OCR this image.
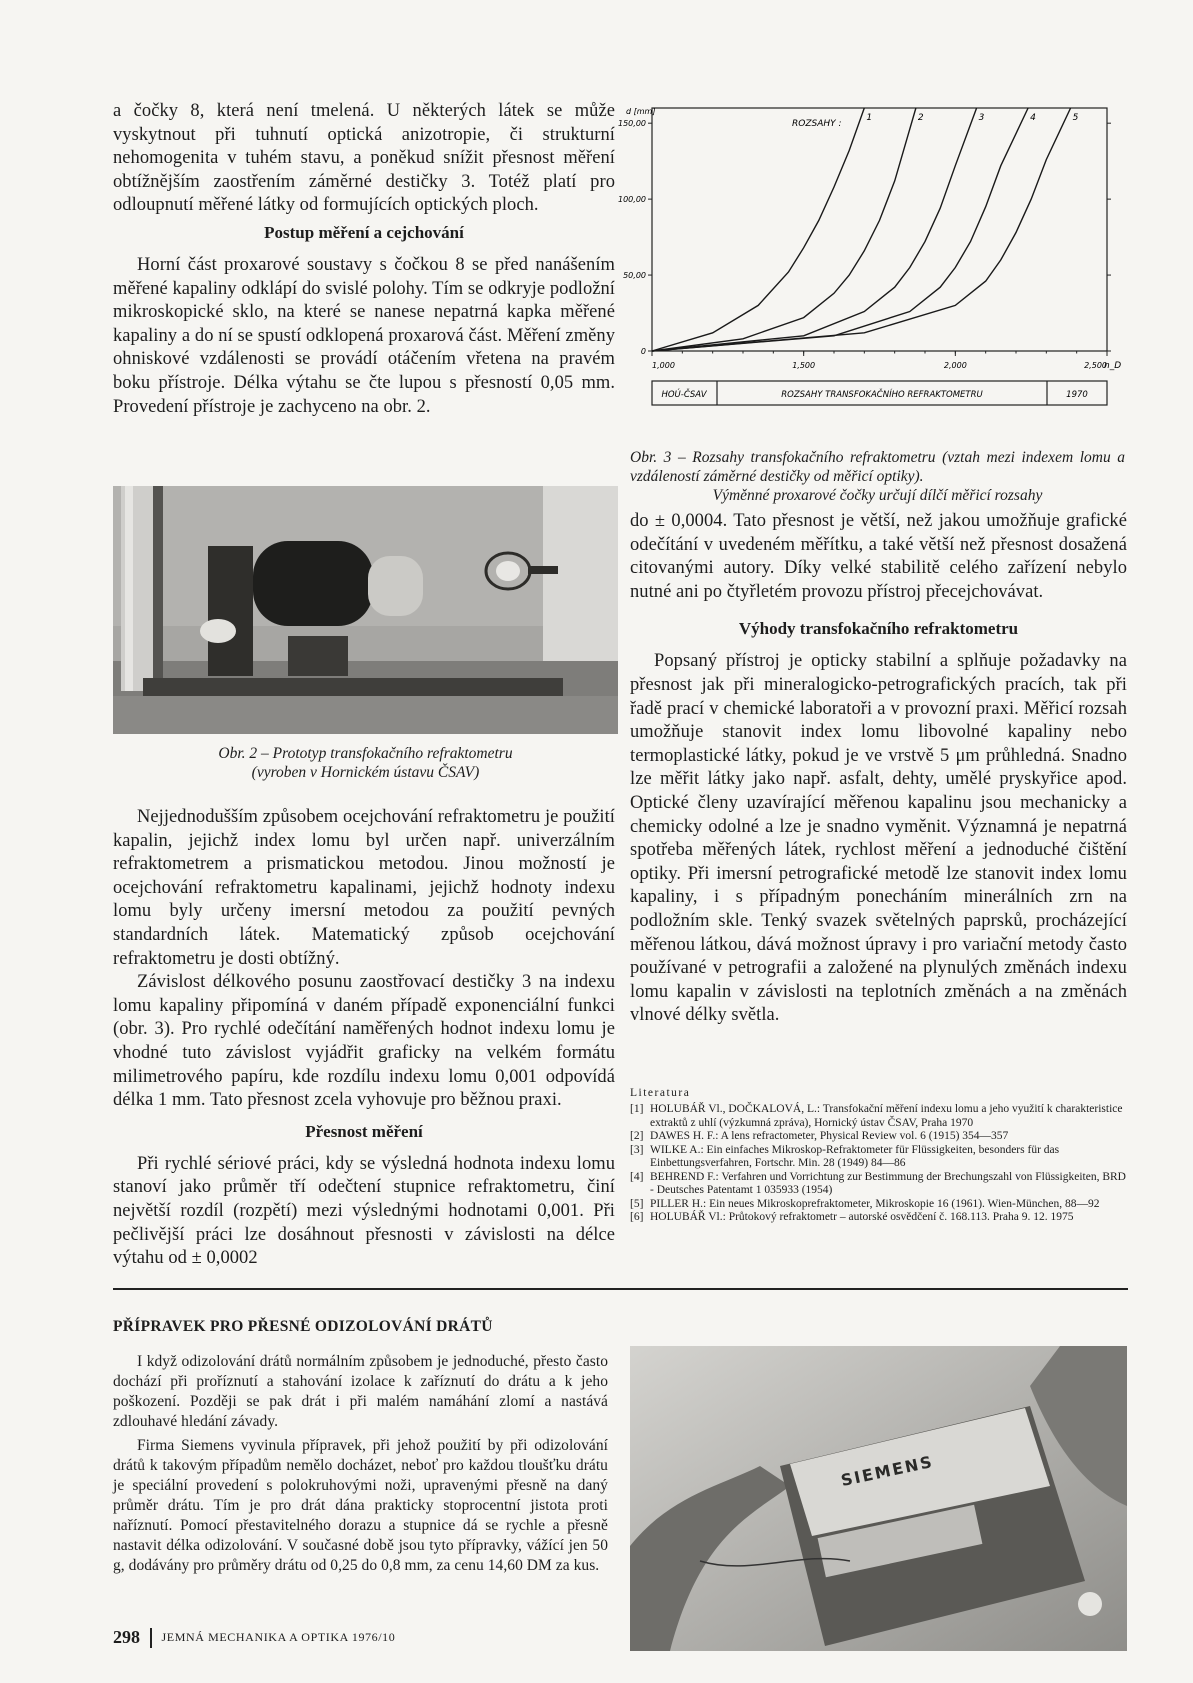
a čočky 8, která není tmelená. U některých látek se může vyskytnout při tuhnutí optická anizotropie, či strukturní nehomogenita v tuhém stavu, a poněkud snížit přesnost měření obtížnějším zaostřením záměrné destičky 3. Totéž platí pro odloupnutí měřené látky od formujících optických ploch.

Postup měření a cejchování

Horní část proxarové soustavy s čočkou 8 se před nanášením měřené kapaliny odklápí do svislé polohy. Tím se odkryje podložní mikroskopické sklo, na které se nanese nepatrná kapka měřené kapaliny a do ní se spustí odklopená proxarová část. Měření změny ohniskové vzdálenosti se provádí otáčením vřetena na pravém boku přístroje. Délka výtahu se čte lupou s přesností 0,05 mm. Provedení přístroje je zachyceno na obr. 2.

Obr. 2 – Prototyp transfokačního refraktometru

(vyroben v Hornickém ústavu ČSAV)

Nejjednodušším způsobem ocejchování refraktometru je použití kapalin, jejichž index lomu byl určen např. univerzálním refraktometrem a prismatickou metodou. Jinou možností je ocejchování refraktometru kapalinami, jejichž hodnoty indexu lomu byly určeny imersní metodou za použití pevných standardních látek. Matematický způsob ocejchování refraktometru je dosti obtížný.

Závislost délkového posunu zaostřovací destičky 3 na indexu lomu kapaliny připomíná v daném případě exponenciální funkci (obr. 3). Pro rychlé odečítání naměřených hodnot indexu lomu je vhodné tuto závislost vyjádřit graficky na velkém formátu milimetrového papíru, kde rozdílu indexu lomu 0,001 odpovídá délka 1 mm. Tato přesnost zcela vyhovuje pro běžnou praxi.

Přesnost měření

Při rychlé sériové práci, kdy se výsledná hodnota indexu lomu stanoví jako průměr tří odečtení stupnice refraktometru, činí největší rozdíl (rozpětí) mezi výslednými hodnotami 0,001. Při pečlivější práci lze dosáhnout přesnosti v závislosti na délce výtahu od ± 0,0002

0
50,00
100,00
150,00
1,000	1,500	2,000	2,500
1	2	3	4	5
d [mm]
n_D
ROZSAHY :
HOÚ-ČSAV	ROZSAHY TRANSFOKAČNÍHO REFRAKTOMETRU	1970

Obr. 3 – Rozsahy transfokačního refraktometru (vztah mezi indexem lomu a vzdáleností záměrné destičky od měřicí optiky).

Výměnné proxarové čočky určují dílčí měřicí rozsahy

do ± 0,0004. Tato přesnost je větší, než jakou umožňuje grafické odečítání v uvedeném měřítku, a také větší než přesnost dosažená citovanými autory. Díky velké stabilitě celého zařízení nebylo nutné ani po čtyřletém provozu přístroj přecejchovávat.

Výhody transfokačního refraktometru

Popsaný přístroj je opticky stabilní a splňuje požadavky na přesnost jak při mineralogicko-petrografických pracích, tak při řadě prací v chemické laboratoři a v provozní praxi. Měřicí rozsah umožňuje stanovit index lomu libovolné kapaliny nebo termoplastické látky, pokud je ve vrstvě 5 μm průhledná. Snadno lze měřit látky jako např. asfalt, dehty, umělé pryskyřice apod. Optické členy uzavírající měřenou kapalinu jsou mechanicky a chemicky odolné a lze je snadno vyměnit. Významná je nepatrná spotřeba měřených látek, rychlost měření a jednoduché čištění optiky. Při imersní petrografické metodě lze stanovit index lomu kapaliny, i s případným ponecháním minerálních zrn na podložním skle. Tenký svazek světelných paprsků, procházející měřenou látkou, dává možnost úpravy i pro variační metody často používané v petrografii a založené na plynulých změnách indexu lomu kapalin v závislosti na teplotních změnách a na změnách vlnové délky světla.

Literatura

[1] HOLUBÁŘ Vl., DOČKALOVÁ, L.: Transfokační měření indexu lomu a jeho využití k charakteristice extraktů z uhlí (výzkumná zpráva), Hornický ústav ČSAV, Praha 1970
[2] DAWES H. F.: A lens refractometer, Physical Review vol. 6 (1915) 354—357
[3] WILKE A.: Ein einfaches Mikroskop-Refraktometer für Flüssigkeiten, besonders für das Einbettungsverfahren, Fortschr. Min. 28 (1949) 84—86
[4] BEHREND F.: Verfahren und Vorrichtung zur Bestimmung der Brechungszahl von Flüssigkeiten, BRD - Deutsches Patentamt 1 035933 (1954)
[5] PILLER H.: Ein neues Mikroskoprefraktometer, Mikroskopie 16 (1961). Wien-München, 88—92
[6] HOLUBÁŘ Vl.: Průtokový refraktometr – autorské osvědčení č. 168.113. Praha 9. 12. 1975
PŘÍPRAVEK PRO PŘESNÉ ODIZOLOVÁNÍ DRÁTŮ

I když odizolování drátů normálním způsobem je jednoduché, přesto často dochází při proříznutí a stahování izolace k zaříznutí do drátu a k jeho poškození. Později se pak drát i při malém namáhání zlomí a nastává zdlouhavé hledání závady.

Firma Siemens vyvinula přípravek, při jehož použití by při odizolování drátů k takovým případům nemělo docházet, neboť pro každou tloušťku drátu je speciální provedení s polokruhovými noži, upravenými přesně na daný průměr drátu. Tím je pro drát dána prakticky stoprocentní jistota proti naříznutí. Pomocí přestavitelného dorazu a stupnice dá se rychle a přesně nastavit délka odizolování. V současné době jsou tyto přípravky, vážící jen 50 g, dodávány pro průměry drátu od 0,25 do 0,8 mm, za cenu 14,60 DM za kus.

SIEMENS
298 JEMNÁ MECHANIKA A OPTIKA 1976/10
